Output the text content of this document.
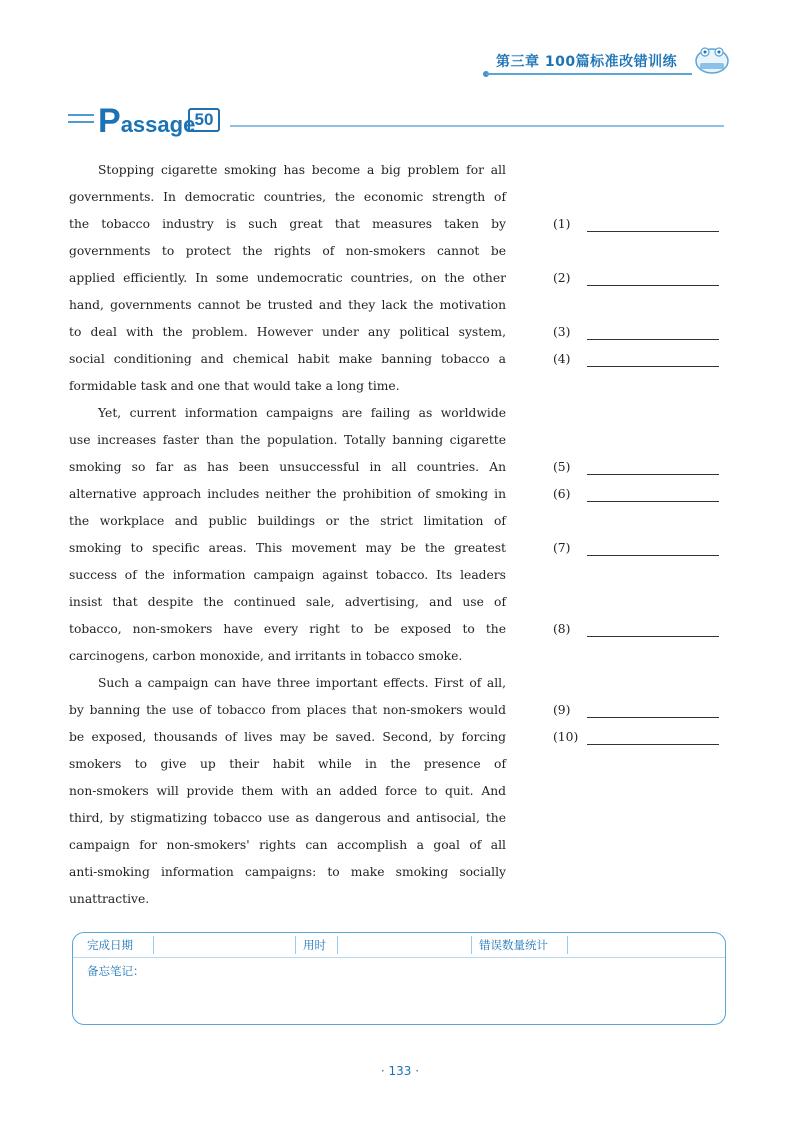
第三章 100篇标准改错训练
Passage 50
Stopping cigarette smoking has become a big problem for all
governments. In democratic countries, the economic strength of
the tobacco industry is such great that measures taken by
governments to protect the rights of non-smokers cannot be
applied efficiently. In some undemocratic countries, on the other
hand, governments cannot be trusted and they lack the motivation
to deal with the problem. However under any political system,
social conditioning and chemical habit make banning tobacco a
formidable task and one that would take a long time.
Yet, current information campaigns are failing as worldwide
use increases faster than the population. Totally banning cigarette
smoking so far as has been unsuccessful in all countries. An
alternative approach includes neither the prohibition of smoking in
the workplace and public buildings or the strict limitation of
smoking to specific areas. This movement may be the greatest
success of the information campaign against tobacco. Its leaders
insist that despite the continued sale, advertising, and use of
tobacco, non-smokers have every right to be exposed to the
carcinogens, carbon monoxide, and irritants in tobacco smoke.
Such a campaign can have three important effects. First of all,
by banning the use of tobacco from places that non-smokers would
be exposed, thousands of lives may be saved. Second, by forcing
smokers to give up their habit while in the presence of
non-smokers will provide them with an added force to quit. And
third, by stigmatizing tobacco use as dangerous and antisocial, the
campaign for non-smokers' rights can accomplish a goal of all
anti-smoking information campaigns: to make smoking socially
unattractive.
(1)
(2)
(3)
(4)
(5)
(6)
(7)
(8)
(9)
(10)
完成日期	用时	错误数量统计
备忘笔记：
· 133 ·
